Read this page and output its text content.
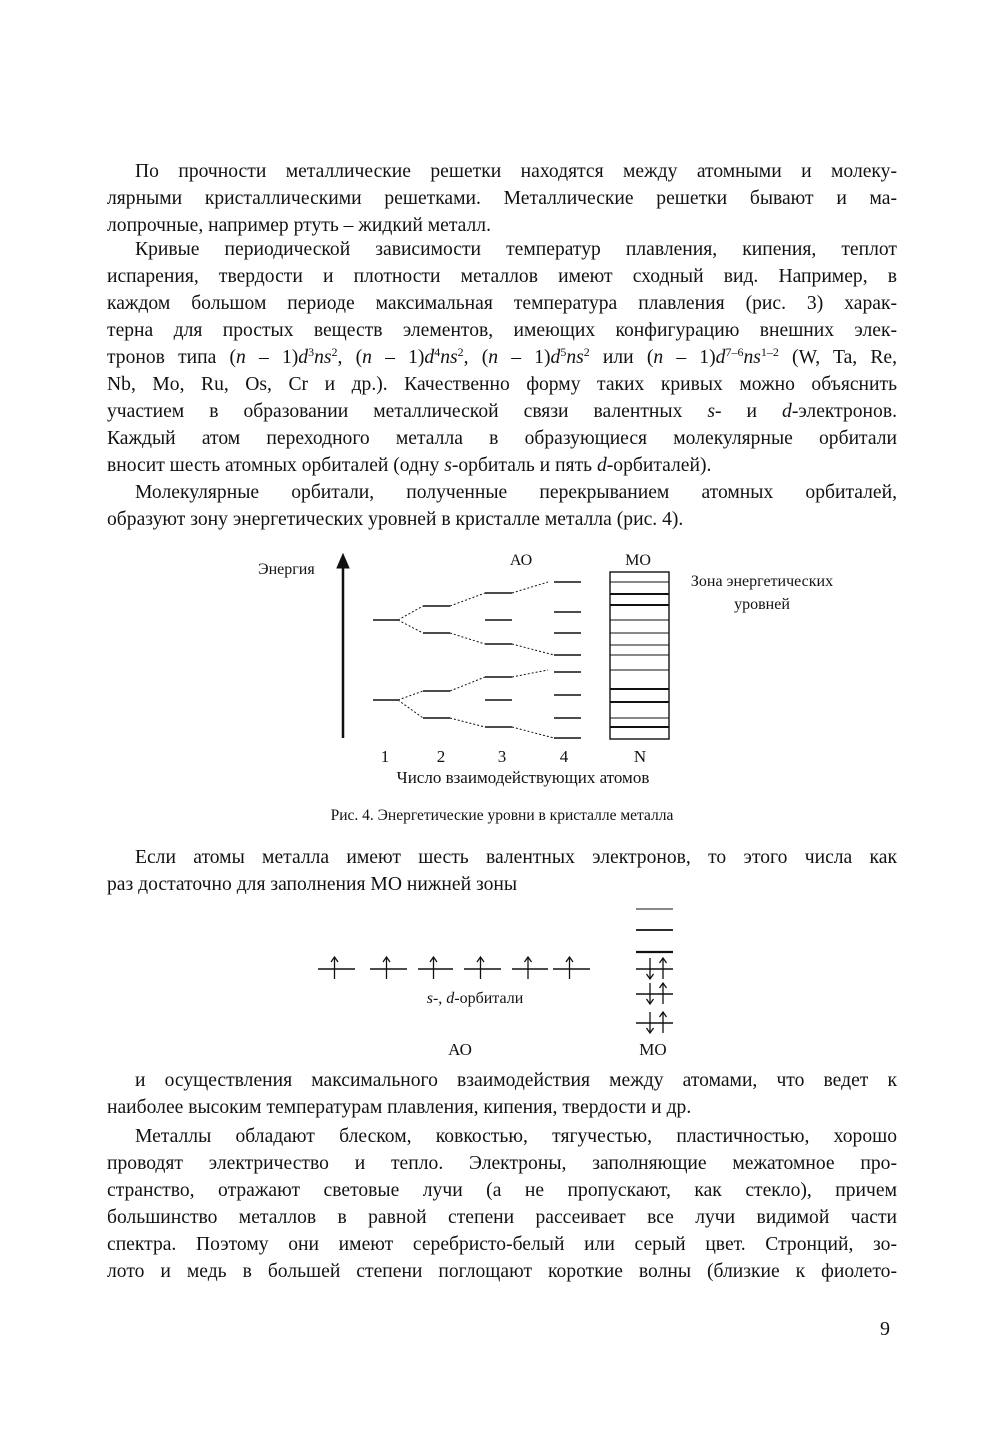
По прочности металлические решетки находятся между атомными и молеку-
лярными кристаллическими решетками. Металлические решетки бывают и ма-
лопрочные, например ртуть – жидкий металл.
Кривые периодической зависимости температур плавления, кипения, теплот
испарения, твердости и плотности металлов имеют сходный вид. Например, в
каждом большом периоде максимальная температура плавления (рис. 3) харак-
терна для простых веществ элементов, имеющих конфигурацию внешних элек-
тронов типа $(n - 1)d^3ns^2$, $(n - 1)d^4ns^2$, $(n - 1)d^5ns^2$ или $(n - 1)d^{7-6}ns^{1-2}$ (W, Ta, Re,
Nb, Mo, Ru, Os, Cr и др.). Качественно форму таких кривых можно объяснить
участием в образовании металлической связи валентных s- и d-электронов.
Каждый атом переходного металла в образующиеся молекулярные орбитали
вносит шесть атомных орбиталей (одну s-орбиталь и пять d-орбиталей).
Молекулярные орбитали, полученные перекрыванием атомных орбиталей,
образуют зону энергетических уровней в кристалле металла (рис. 4).
Если атомы металла имеют шесть валентных электронов, то этого числа как
раз достаточно для заполнения МО нижней зоны
и осуществления максимального взаимодействия между атомами, что ведет к
наиболее высоким температурам плавления, кипения, твердости и др.
Металлы обладают блеском, ковкостью, тягучестью, пластичностью, хорошо
проводят электричество и тепло. Электроны, заполняющие межатомное про-
странство, отражают световые лучи (а не пропускают, как стекло), причем
большинство металлов в равной степени рассеивает все лучи видимой части
спектра. Поэтому они имеют серебристо-белый или серый цвет. Стронций, зо-
лото и медь в большей степени поглощают короткие волны (близкие к фиолето-
Энергия
АО	МО
Зона энергетических
уровней
1	2	3	4	N
Число взаимодействующих атомов
Рис. 4. Энергетические уровни в кристалле металла
s-, d-орбитали
АО	МО
9
